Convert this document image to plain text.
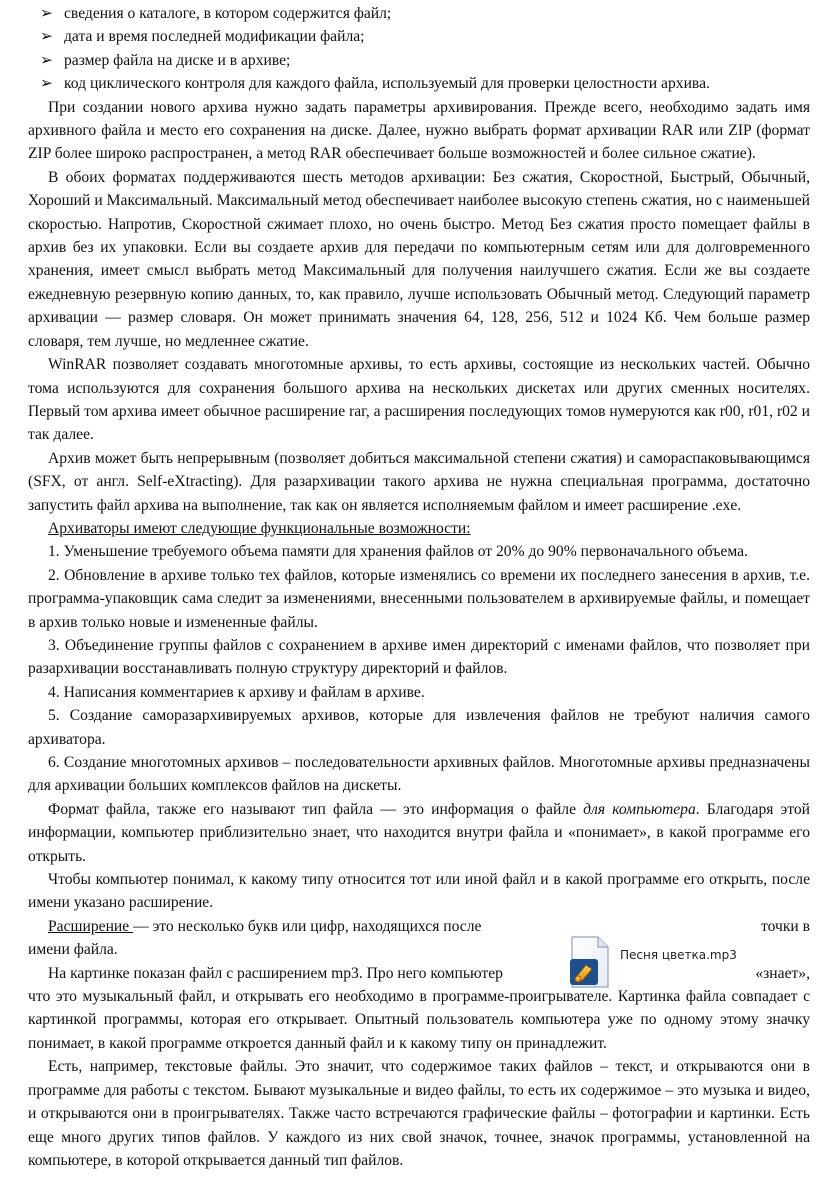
➢ сведения о каталоге, в котором содержится файл;
➢ дата и время последней модификации файла;
➢ размер файла на диске и в архиве;
➢ код циклического контроля для каждого файла, используемый для проверки целостности архива.

При создании нового архива нужно задать параметры архивирования. Прежде всего, необходимо задать имя архивного файла и место его сохранения на диске. Далее, нужно выбрать формат архивации RAR или ZIP (формат ZIP более широко распространен, а метод RAR обеспечивает больше возможностей и более сильное сжатие).

В обоих форматах поддерживаются шесть методов архивации: Без сжатия, Скоростной, Быстрый, Обычный, Хороший и Максимальный. Максимальный метод обеспечивает наиболее высокую степень сжатия, но с наименьшей скоростью. Напротив, Скоростной сжимает плохо, но очень быстро. Метод Без сжатия просто помещает файлы в архив без их упаковки. Если вы создаете архив для передачи по компьютерным сетям или для долговременного хранения, имеет смысл выбрать метод Максимальный для получения наилучшего сжатия. Если же вы создаете ежедневную резервную копию данных, то, как правило, лучше использовать Обычный метод. Следующий параметр архивации — размер словаря. Он может принимать значения 64, 128, 256, 512 и 1024 Кб. Чем больше размер словаря, тем лучше, но медленнее сжатие.

WinRAR позволяет создавать многотомные архивы, то есть архивы, состоящие из нескольких частей. Обычно тома используются для сохранения большого архива на нескольких дискетах или других сменных носителях. Первый том архива имеет обычное расширение raг, а расширения последующих томов нумеруются как r00, r01, r02 и так далее.

Архив может быть непрерывным (позволяет добиться максимальной степени сжатия) и самораспаковывающимся (SFX, от англ. Self-eXtracting). Для разархивации такого архива не нужна специальная программа, достаточно запустить файл архива на выполнение, так как он является исполняемым файлом и имеет расширение .exe.

Архиваторы имеют следующие функциональные возможности:

1. Уменьшение требуемого объема памяти для хранения файлов от 20% до 90% первоначального объема.

2. Обновление в архиве только тех файлов, которые изменялись со времени их последнего занесения в архив, т.е. программа-упаковщик сама следит за изменениями, внесенными пользователем в архивируемые файлы, и помещает в архив только новые и измененные файлы.

3. Объединение группы файлов с сохранением в архиве имен директорий с именами файлов, что позволяет при разархивации восстанавливать полную структуру директорий и файлов.

4. Написания комментариев к архиву и файлам в архиве.

5. Создание саморазархивируемых архивов, которые для извлечения файлов не требуют наличия самого архиватора.

6. Создание многотомных архивов – последовательности архивных файлов. Многотомные архивы предназначены для архивации больших комплексов файлов на дискеты.

Формат файла, также его называют тип файла — это информация о файле для компьютера. Благодаря этой информации, компьютер приблизительно знает, что находится внутри файла и «понимает», в какой программе его открыть.

Чтобы компьютер понимал, к какому типу относится тот или иной файл и в какой программе его открыть, после имени указано расширение.

Расширение — это несколько букв или цифр, находящихся после	точки в

имени файла.

На картинке показан файл с расширением mp3. Про него компьютер	«знает»,

что это музыкальный файл, и открывать его необходимо в программе-проигрывателе. Картинка файла совпадает с картинкой программы, которая его открывает. Опытный пользователь компьютера уже по одному этому значку понимает, в какой программе откроется данный файл и к какому типу он принадлежит.

Есть, например, текстовые файлы. Это значит, что содержимое таких файлов – текст, и открываются они в программе для работы с текстом. Бывают музыкальные и видео файлы, то есть их содержимое – это музыка и видео, и открываются они в проигрывателях. Также часто встречаются графические файлы – фотографии и картинки. Есть еще много других типов файлов. У каждого из них свой значок, точнее, значок программы, установленной на компьютере, в которой открывается данный тип файлов.

Песня цветка.mp3
